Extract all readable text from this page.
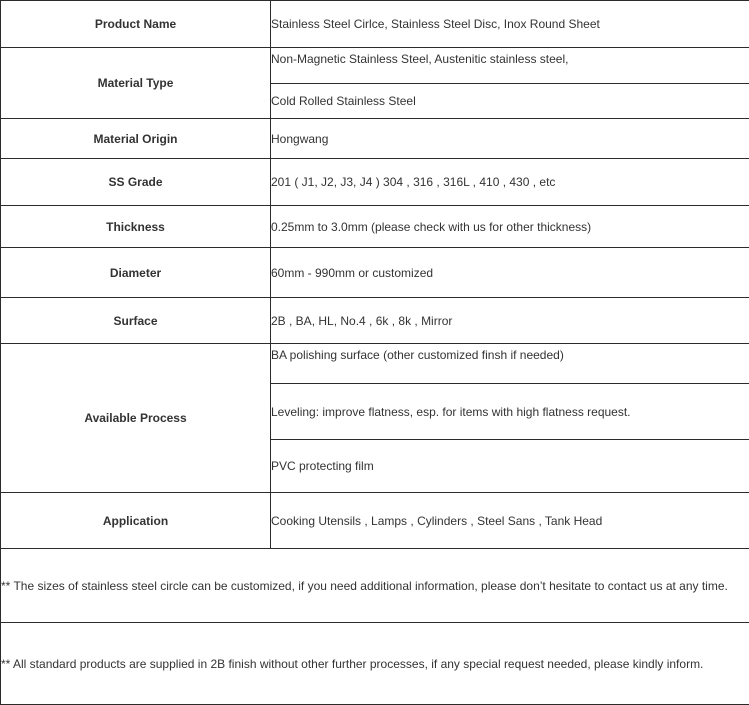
Product Name	Stainless Steel Cirlce, Stainless Steel Disc, Inox Round Sheet
Material Type	Non-Magnetic Stainless Steel, Austenitic stainless steel,
	Cold Rolled Stainless Steel
Material Origin	Hongwang
SS Grade	201 ( J1, J2, J3, J4 ) 304 , 316 , 316L , 410 , 430 , etc
Thickness	0.25mm to 3.0mm (please check with us for other thickness)
Diameter	60mm - 990mm or customized
Surface	2B , BA, HL, No.4 , 6k , 8k , Mirror
Available Process	BA polishing surface (other customized finsh if needed)
	Leveling: improve flatness, esp. for items with high flatness request.
	PVC protecting film
Application	Cooking Utensils , Lamps , Cylinders , Steel Sans , Tank Head
** The sizes of stainless steel circle can be customized, if you need additional information, please don’t hesitate to contact us at any time.	
** All standard products are supplied in 2B finish without other further processes, if any special request needed, please kindly inform.	
